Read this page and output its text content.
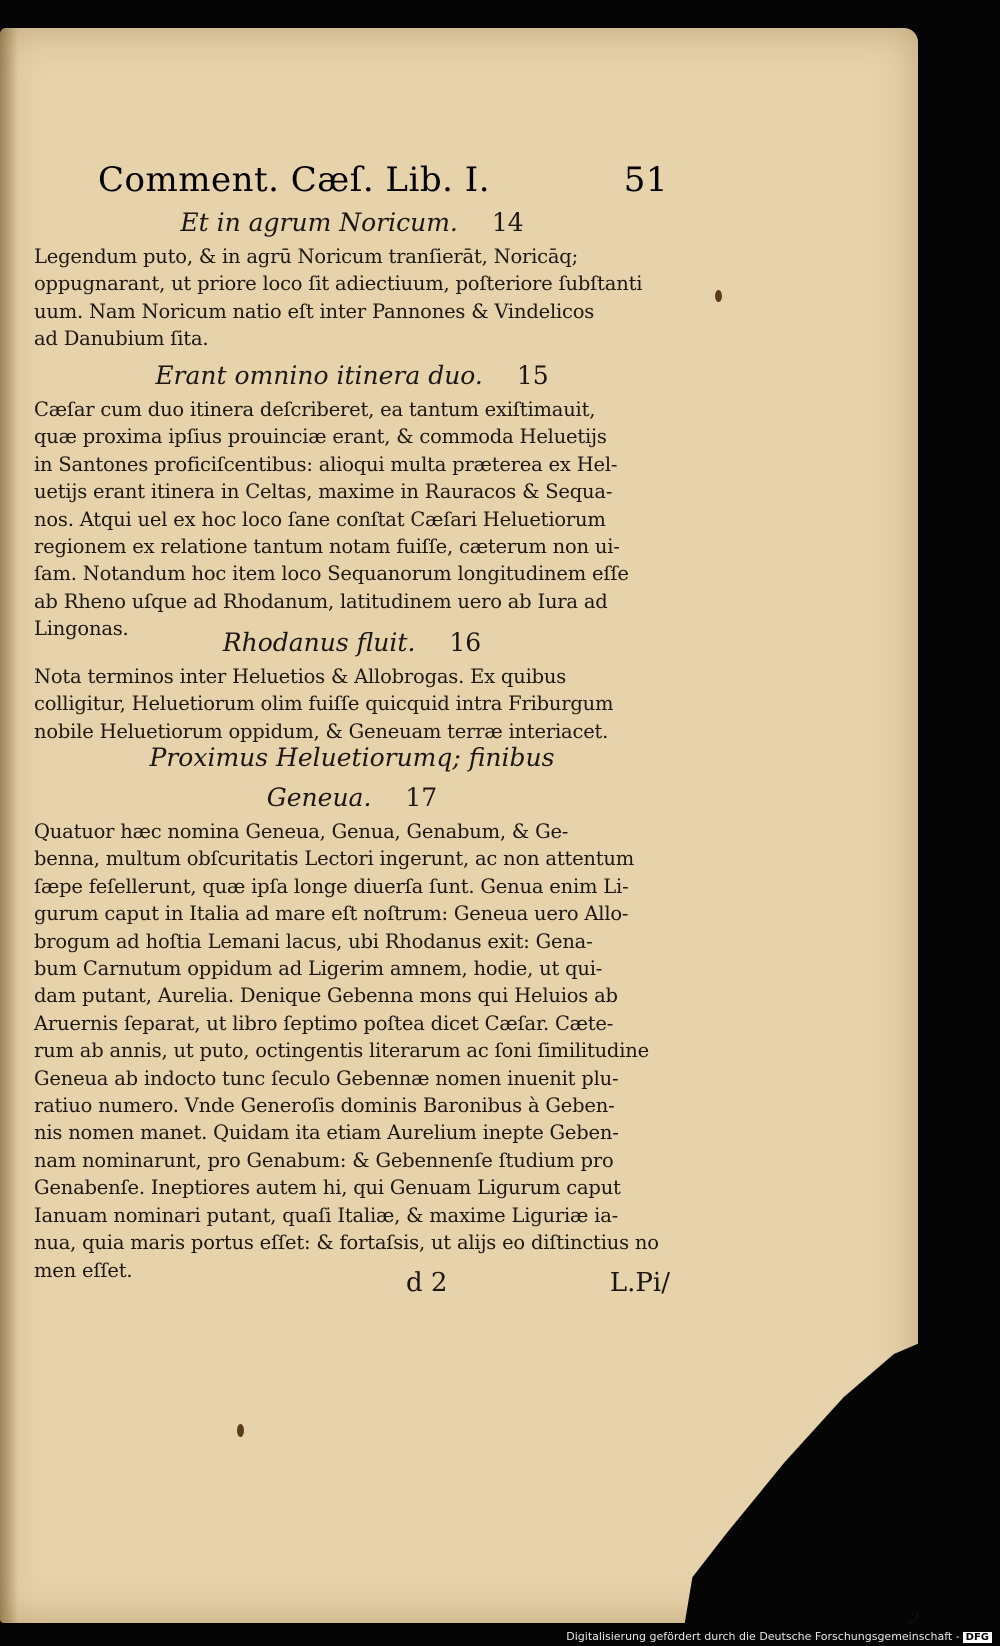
Comment. Cæſ. Lib. I.	51

Et in agrum Noricum. 14

Legendum puto, & in agrū Noricum tranſierāt, Noricāq;
oppugnarant, ut priore loco ſit adiectiuum, poſteriore ſubſtanti
uum. Nam Noricum natio eſt inter Pannones & Vindelicos
ad Danubium ſita.

Erant omnino itinera duo. 15

Cæſar cum duo itinera deſcriberet, ea tantum exiſtimauit,
quæ proxima ipſius prouinciæ erant, & commoda Heluetijs
in Santones proficiſcentibus: alioqui multa præterea ex Hel-
uetijs erant itinera in Celtas, maxime in Rauracos & Sequa-
nos. Atqui uel ex hoc loco ſane conſtat Cæſari Heluetiorum
regionem ex relatione tantum notam fuiſſe, cæterum non ui-
ſam. Notandum hoc item loco Sequanorum longitudinem eſſe
ab Rheno uſque ad Rhodanum, latitudinem uero ab Iura ad
Lingonas.	Rhodanus fluit. 16

Nota terminos inter Heluetios & Allobrogas. Ex quibus
colligitur, Heluetiorum olim fuiſſe quicquid intra Friburgum
nobile Heluetiorum oppidum, & Geneuam terræ interiacet.

Proximus Heluetiorumq; finibus

Geneua. 17

Quatuor hæc nomina Geneua, Genua, Genabum, & Ge-
benna, multum obſcuritatis Lectori ingerunt, ac non attentum
ſæpe feſellerunt, quæ ipſa longe diuerſa ſunt. Genua enim Li-
gurum caput in Italia ad mare eſt noſtrum: Geneua uero Allo-
brogum ad hoſtia Lemani lacus, ubi Rhodanus exit: Gena-
bum Carnutum oppidum ad Ligerim amnem, hodie, ut qui-
dam putant, Aurelia. Denique Gebenna mons qui Heluios ab
Aruernis ſeparat, ut libro ſeptimo poſtea dicet Cæſar. Cæte-
rum ab annis, ut puto, octingentis literarum ac ſoni ſimilitudine
Geneua ab indocto tunc ſeculo Gebennæ nomen inuenit plu-
ratiuo numero. Vnde Generoſis dominis Baronibus à Geben-
nis nomen manet. Quidam ita etiam Aurelium inepte Geben-
nam nominarunt, pro Genabum: & Gebennenſe ſtudium pro
Genabenſe. Ineptiores autem hi, qui Genuam Ligurum caput
Ianuam nominari putant, quaſi Italiæ, & maxime Liguriæ ia-
nua, quia maris portus eſſet: & fortaſsis, ut alijs eo diſtinctius no
men eſſet.	d 2	L.Pi/
Digitalisierung gefördert durch die Deutsche Forschungsgemeinschaft - DFG
